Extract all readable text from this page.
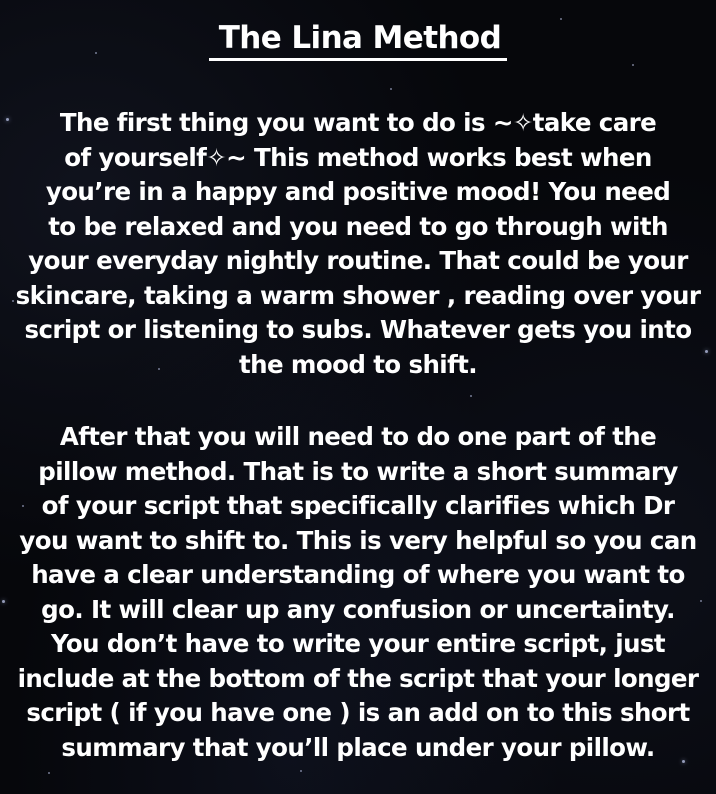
The Lina Method
The first thing you want to do is ~✧take care
of yourself✧~ This method works best when
you’re in a happy and positive mood! You need
to be relaxed and you need to go through with
your everyday nightly routine. That could be your
skincare, taking a warm shower , reading over your
script or listening to subs. Whatever gets you into
the mood to shift.
After that you will need to do one part of the
pillow method. That is to write a short summary
of your script that specifically clarifies which Dr
you want to shift to. This is very helpful so you can
have a clear understanding of where you want to
go. It will clear up any confusion or uncertainty.
You don’t have to write your entire script, just
include at the bottom of the script that your longer
script ( if you have one ) is an add on to this short
summary that you’ll place under your pillow.
